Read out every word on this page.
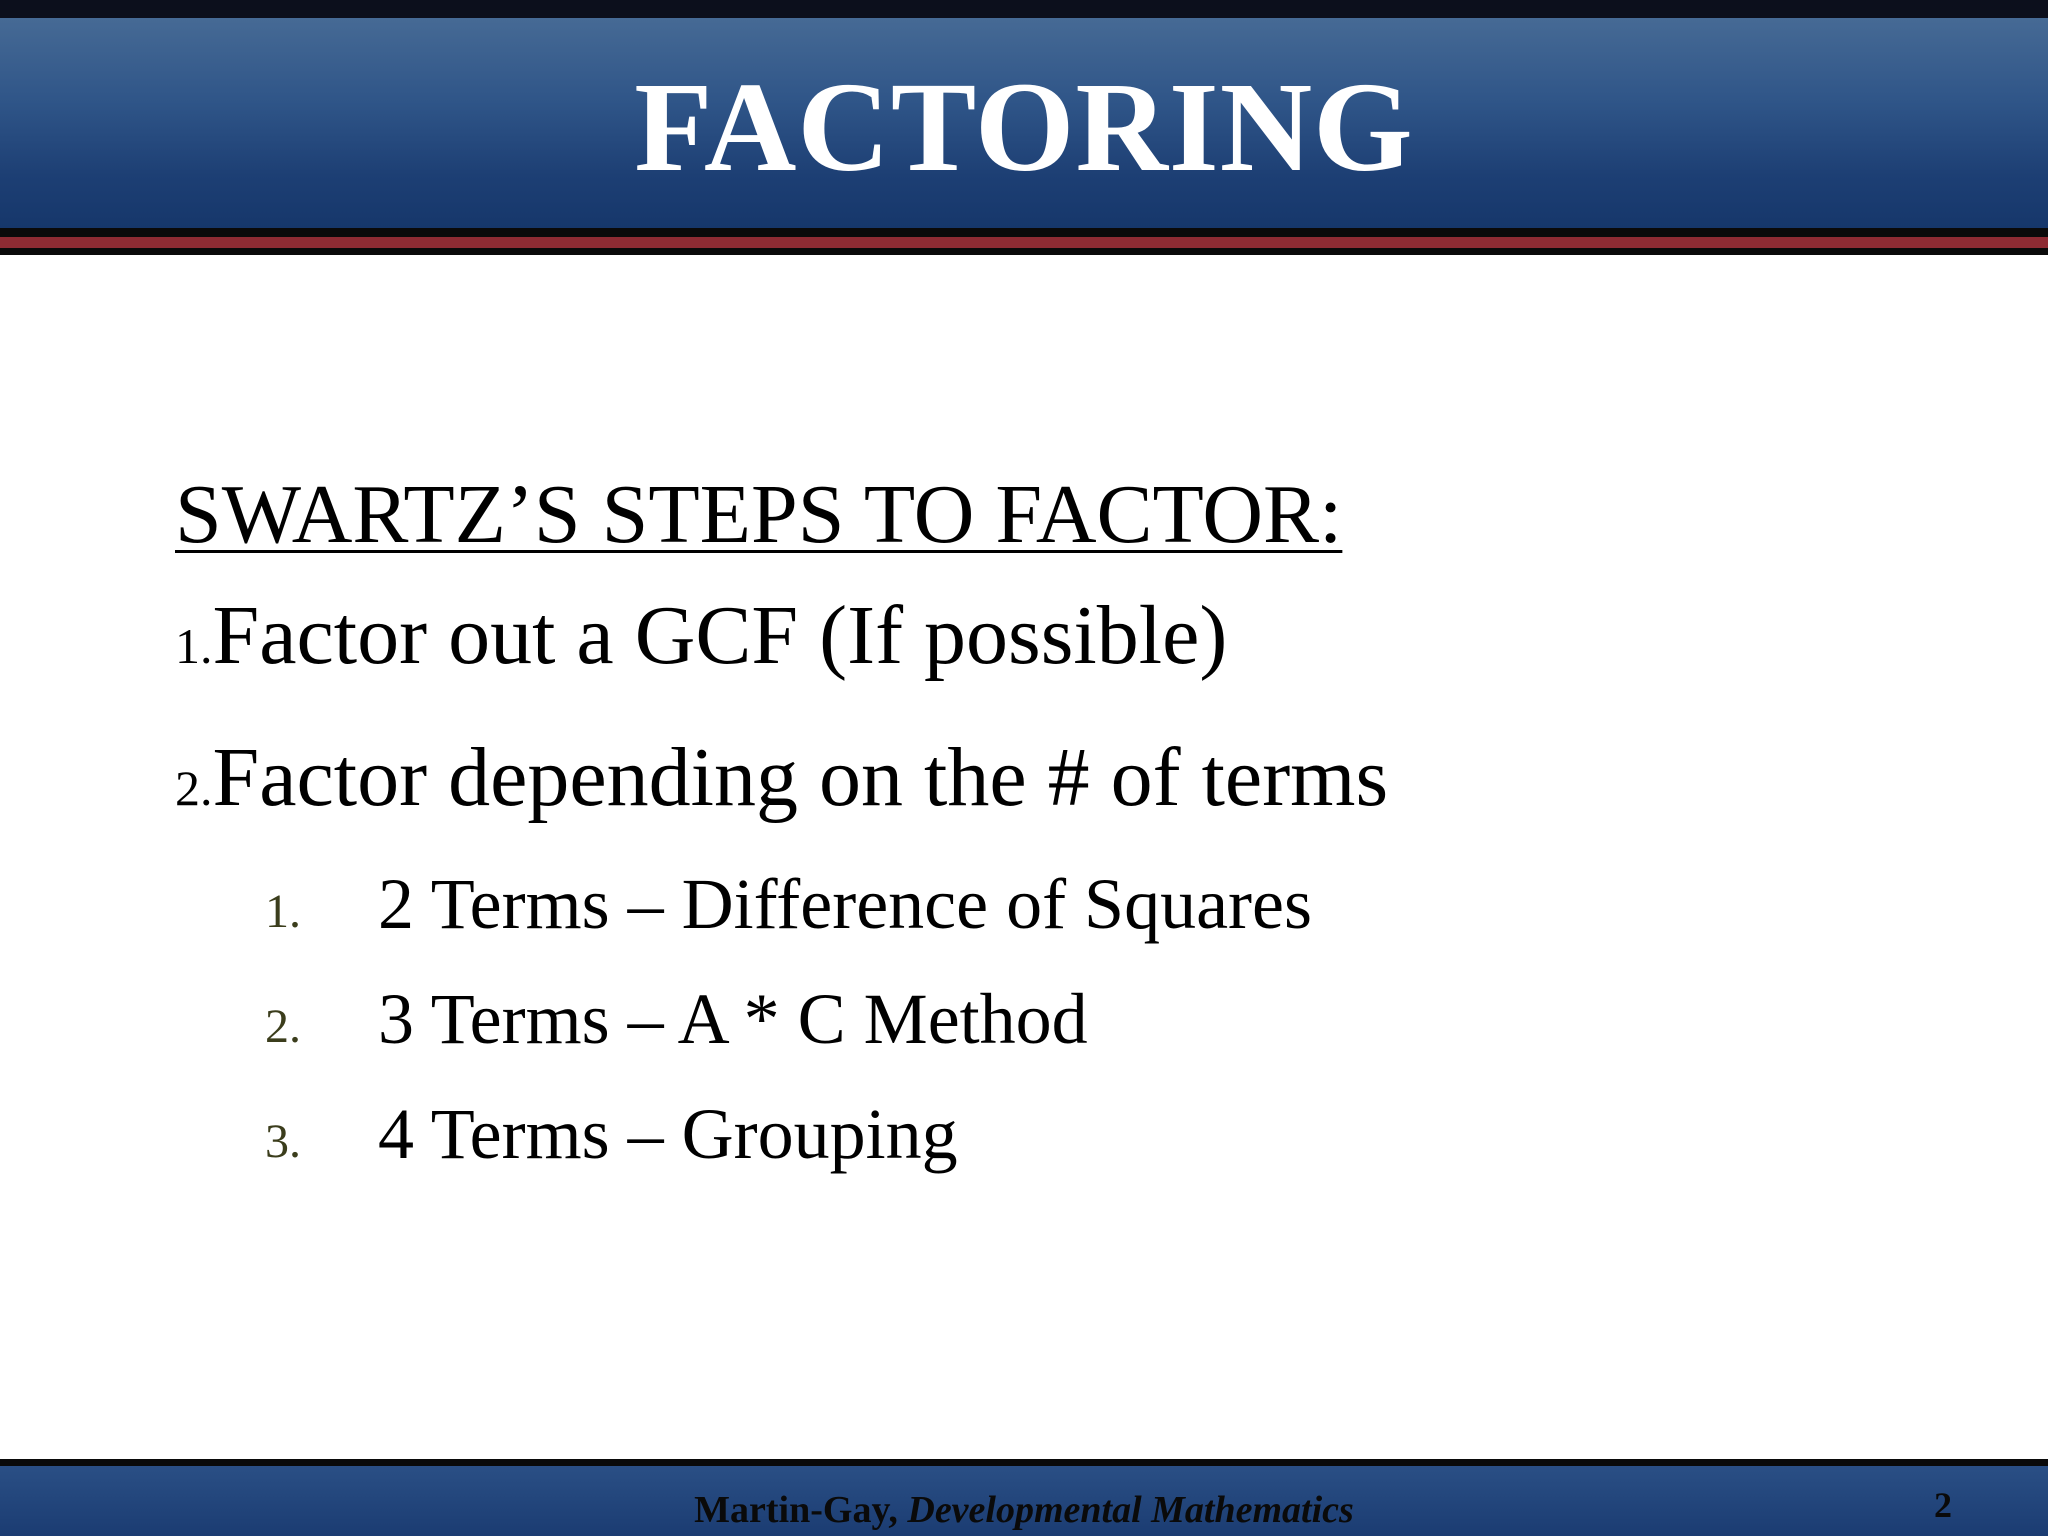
FACTORING
SWARTZ’S STEPS TO FACTOR:
1.Factor out a GCF (If possible)
2.Factor depending on the # of terms
1. 2 Terms – Difference of Squares
2. 3 Terms – A * C Method
3. 4 Terms – Grouping
Martin-Gay, Developmental Mathematics	2
